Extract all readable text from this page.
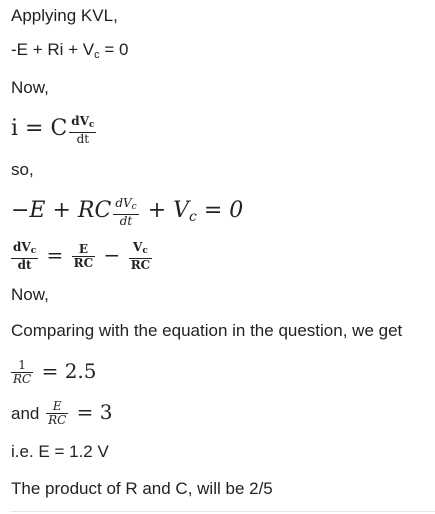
Applying KVL,
$-E + Ri + V_c = 0$
Now,
i = C $\frac{\text{dVc}}{dt}$
so,
−E + RC $\frac{\text{dVc}}{dt} + V_c = 0$
$\frac{\text{dVc}}{dt} = \frac{E}{RC} - \frac{Vc}{RC}$
Now,
Comparing with the equation in the question, we get
$\frac{1}{RC} = 2.5$
and $\frac{E}{RC} = 3$
i.e. E = 1.2 V
The product of R and C, will be 2/5
